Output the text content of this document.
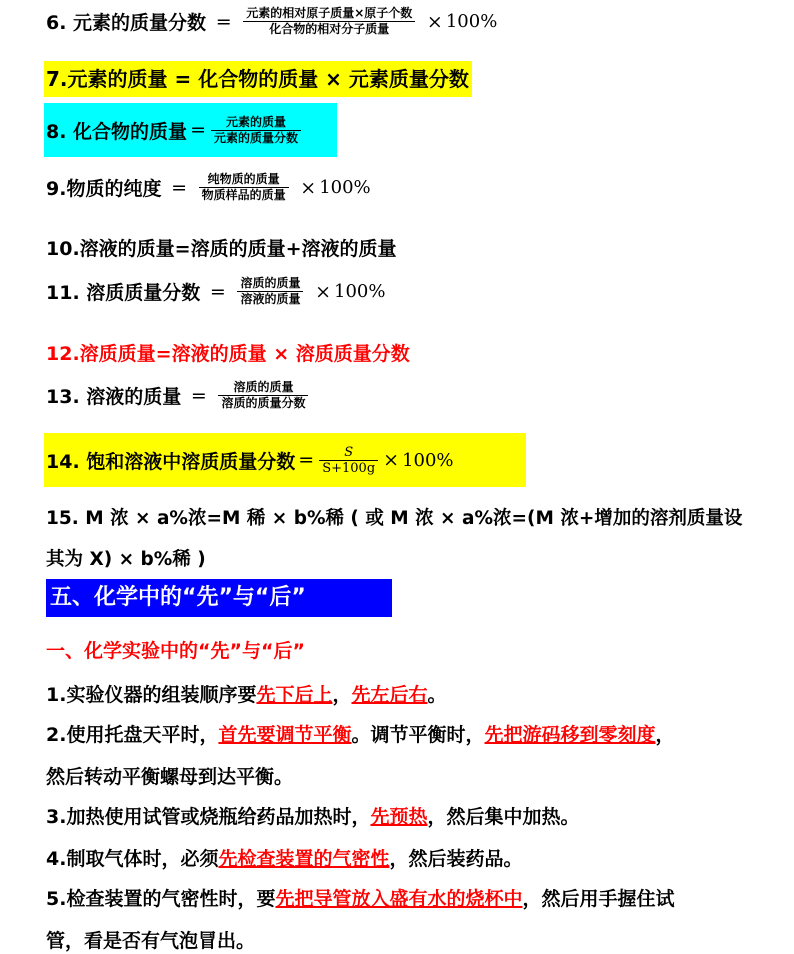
6. 元素的质量分数 = $\frac{\text{元素的相对原子质量×原子个数}}{\text{化合物的相对分子质量}} \times 100\%$
7.元素的质量 = 化合物的质量 × 元素质量分数
8. 化合物的质量 = $\frac{\text{元素的质量}}{\text{元素的质量分数}}$
9.物质的纯度 = $\frac{\text{纯物质的质量}}{\text{物质样品的质量}} \times 100\%$
10.溶液的质量=溶质的质量+溶液的质量
11. 溶质质量分数 = $\frac{\text{溶质的质量}}{\text{溶液的质量}} \times 100\%$
12.溶质质量=溶液的质量 × 溶质质量分数
13. 溶液的质量 = $\frac{\text{溶质的质量}}{\text{溶质的质量分数}}$
14. 饱和溶液中溶质质量分数 = $\frac{S}{S+100g} \times 100\%$
15. M 浓 × a%浓=M 稀 × b%稀 ( 或 M 浓 × a%浓=(M 浓+增加的溶剂质量设
其为 X) × b%稀 )
五、化学中的“先”与“后”
一、化学实验中的“先”与“后”
1.实验仪器的组装顺序要先下后上，先左后右。
2.使用托盘天平时，首先要调节平衡。调节平衡时，先把游码移到零刻度，
然后转动平衡螺母到达平衡。
3.加热使用试管或烧瓶给药品加热时，先预热，然后集中加热。
4.制取气体时，必须先检查装置的气密性，然后装药品。
5.检查装置的气密性时，要先把导管放入盛有水的烧杯中，然后用手握住试
管，看是否有气泡冒出。
